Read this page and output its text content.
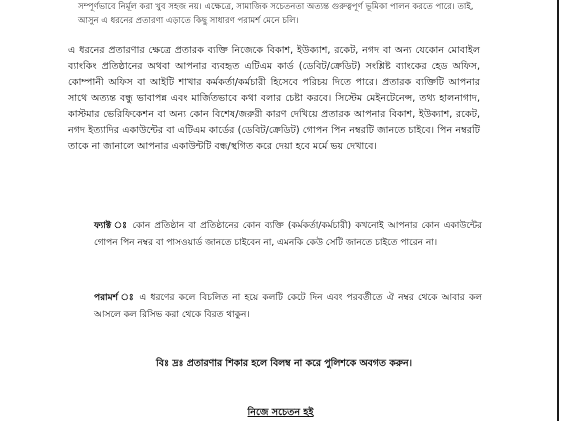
সম্পূর্ণভাবে নির্মূল করা খুব সহজ নয়। এক্ষেত্রে, সামাজিক সচেতনতা অত্যন্ত গুরুত্বপূর্ণ ভূমিকা পালন করতে পারে। তাই, আসুন এ ধরনের প্রতারণা এড়াতে কিছু সাধারণ পরামর্শ মেনে চলি।
এ ধরনের প্রতারণার ক্ষেত্রে প্রতারক ব্যক্তি নিজেকে বিকাশ, ইউক্যাশ, রকেট, নগদ বা অন্য যেকোন মোবাইল ব্যাংকিং প্রতিষ্ঠানের অথবা আপনার ব্যবহৃত এটিএম কার্ড (ডেবিট/ক্রেডিট) সংশ্লিষ্ট ব্যাংকের হেড অফিস, কোম্পানী অফিস বা আইটি শাখার কর্মকর্তা/কর্মচারী হিসেবে পরিচয় দিতে পারে। প্রতারক ব্যক্তিটি আপনার সাথে অত্যন্ত বন্ধু ভাবাপন্ন এবং মার্জিতভাবে কথা বলার চেষ্টা করবে। সিস্টেম মেইনটেনেন্স, তথ্য হালনাগাদ, কাস্টমার ভেরিফিকেশন বা অন্য কোন বিশেষ/জরুরী কারণ দেখিয়ে প্রতারক আপনার বিকাশ, ইউক্যাশ, রকেট, নগদ ইত্যাদির একাউন্টের বা এটিএম কার্ডের (ডেবিট/ক্রেডিট) গোপন পিন নম্বরটি জানতে চাইবে। পিন নম্বরটি তাকে না জানালে আপনার একাউন্টটি বন্ধ/স্থগিত করে দেয়া হবে মর্মে ভয় দেখাবে।
ফ্যাক্ট ঃ কোন প্রতিষ্ঠান বা প্রতিষ্ঠানের কোন ব্যক্তি (কর্মকর্তা/কর্মচারী) কখনোই আপনার কোন একাউন্টের গোপন পিন নম্বর বা পাসওয়ার্ড জানতে চাইবেন না, এমনকি কেউ সেটি জানতে চাইতে পারেন না।
পরামর্শ ঃ এ ধরণের কলে বিচলিত না হয়ে কলটি কেটে দিন এবং পরবর্তীতে ঐ নম্বর থেকে আবার কল আসলে কল রিসিভ করা থেকে বিরত থাকুন।
বিঃ দ্রঃ প্রতারণার শিকার হলে বিলম্ব না করে পুলিশকে অবগত করুন।
নিজে সচেতন হই
